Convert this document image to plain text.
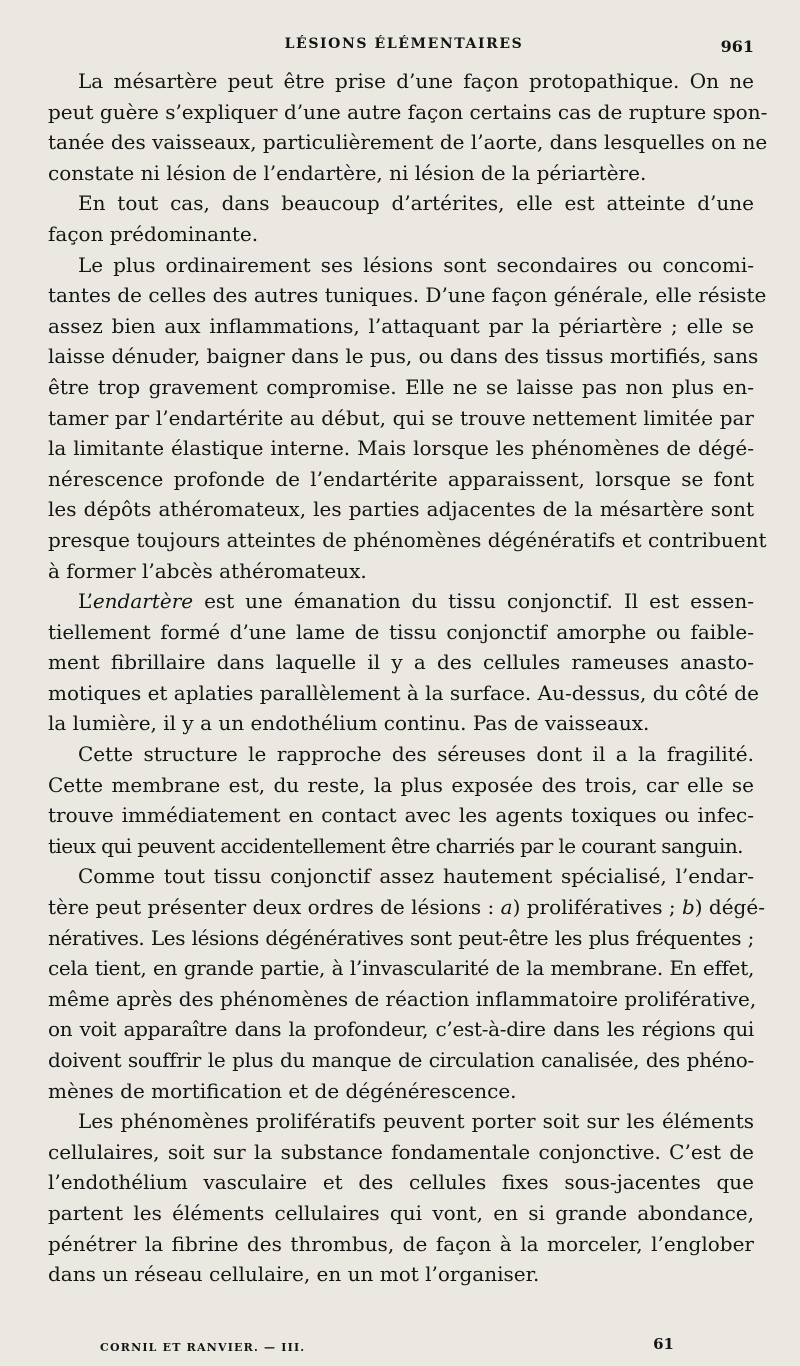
LÉSIONS ÉLÉMENTAIRES	961
La mésartère peut être prise d’une façon protopathique. On ne
peut guère s’expliquer d’une autre façon certains cas de rupture spon-
tanée des vaisseaux, particulièrement de l’aorte, dans lesquelles on ne
constate ni lésion de l’endartère, ni lésion de la périartère.
En tout cas, dans beaucoup d’artérites, elle est atteinte d’une
façon prédominante.
Le plus ordinairement ses lésions sont secondaires ou concomi-
tantes de celles des autres tuniques. D’une façon générale, elle résiste
assez bien aux inflammations, l’attaquant par la périartère ; elle se
laisse dénuder, baigner dans le pus, ou dans des tissus mortifiés, sans
être trop gravement compromise. Elle ne se laisse pas non plus en-
tamer par l’endartérite au début, qui se trouve nettement limitée par
la limitante élastique interne. Mais lorsque les phénomènes de dégé-
nérescence profonde de l’endartérite apparaissent, lorsque se font
les dépôts athéromateux, les parties adjacentes de la mésartère sont
presque toujours atteintes de phénomènes dégénératifs et contribuent
à former l’abcès athéromateux.
L’endartère est une émanation du tissu conjonctif. Il est essen-
tiellement formé d’une lame de tissu conjonctif amorphe ou faible-
ment fibrillaire dans laquelle il y a des cellules rameuses anasto-
motiques et aplaties parallèlement à la surface. Au-dessus, du côté de
la lumière, il y a un endothélium continu. Pas de vaisseaux.
Cette structure le rapproche des séreuses dont il a la fragilité.
Cette membrane est, du reste, la plus exposée des trois, car elle se
trouve immédiatement en contact avec les agents toxiques ou infec-
tieux qui peuvent accidentellement être charriés par le courant sanguin.
Comme tout tissu conjonctif assez hautement spécialisé, l’endar-
tère peut présenter deux ordres de lésions : a) prolifératives ; b) dégé-
nératives. Les lésions dégénératives sont peut-être les plus fréquentes ;
cela tient, en grande partie, à l’invascularité de la membrane. En effet,
même après des phénomènes de réaction inflammatoire proliférative,
on voit apparaître dans la profondeur, c’est-à-dire dans les régions qui
doivent souffrir le plus du manque de circulation canalisée, des phéno-
mènes de mortification et de dégénérescence.
Les phénomènes prolifératifs peuvent porter soit sur les éléments
cellulaires, soit sur la substance fondamentale conjonctive. C’est de
l’endothélium vasculaire et des cellules fixes sous-jacentes que
partent les éléments cellulaires qui vont, en si grande abondance,
pénétrer la fibrine des thrombus, de façon à la morceler, l’englober
dans un réseau cellulaire, en un mot l’organiser.
CORNIL ET RANVIER. — III.	61
